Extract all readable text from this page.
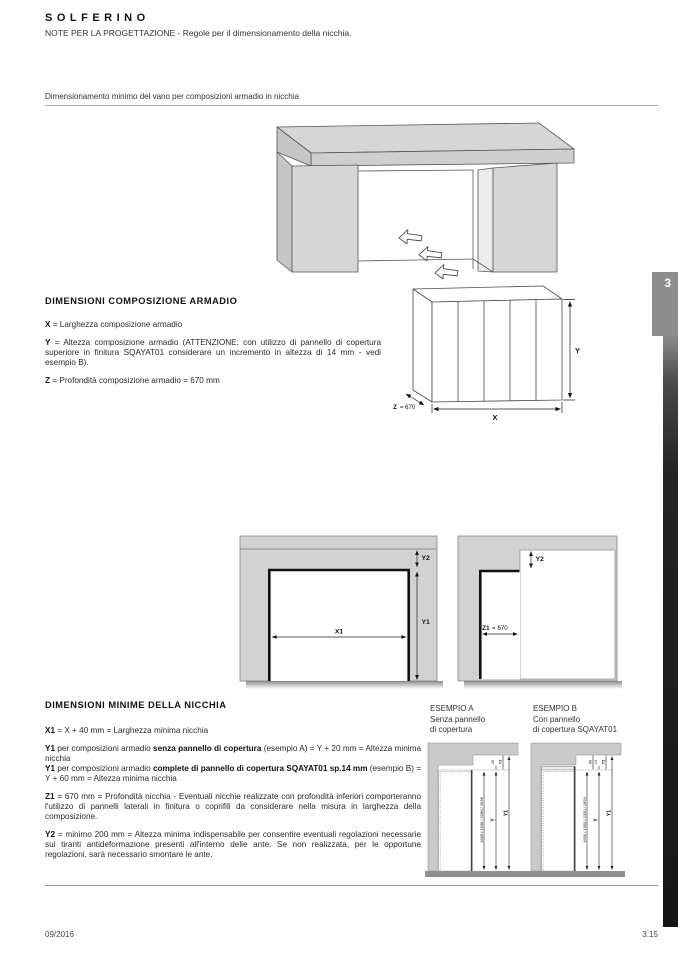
SOLFERINO
NOTE PER LA PROGETTAZIONE - Regole per il dimensionamento della nicchia.
Dimensionamento minimo del vano per composizioni armadio in nicchia
DIMENSIONI COMPOSIZIONE ARMADIO

X = Larghezza composizione armadio

Y = Altezza composizione armadio (ATTENZIONE: con utilizzo di pannello di copertura superiore in finitura SQAYAT01 considerare un incremento in altezza di 14 mm - vedi esempio B).

Z = Profondità composizione armadio = 670 mm

Y
X
Z = 670
3
Y2
Y1
X1
Y2
Z1 = 670
DIMENSIONI MINIME DELLA NICCHIA

X1 = X + 40 mm = Larghezza minima nicchia

Y1 per composizioni armadio senza pannello di copertura (esempio A) = Y + 20 mm = Altezza minima nicchia

Y1 per composizioni armadio complete di pannello di copertura SQAYAT01 sp.14 mm (esempio B) = Y + 60 mm = Altezza minima nicchia

Z1 = 670 mm = Profondità nicchia - Eventuali nicchie realizzate con profondità inferiori comporteranno l'utilizzo di pannelli laterali in finitura o coprifili da considerare nella misura in larghezza della composizione.

Y2 = minimo 200 mm = Altezza minima indispensabile per consentire eventuali regolazioni necessarie sui tiranti antideformazione presenti all'interno delle ante. Se non realizzata, per le opportune regolazioni, sarà necessario smontare le ante.

ESEMPIO A
Senza pannello
di copertura
ESEMPIO B
Con pannello
di copertura SQAYAT01
1586 / 1936 / 2286 / 2636 Y
Y1
20 Y2
1600 / 1950 / 2300 / 2650 Y
Y1
14
60 Y2
09/2016	3.15
